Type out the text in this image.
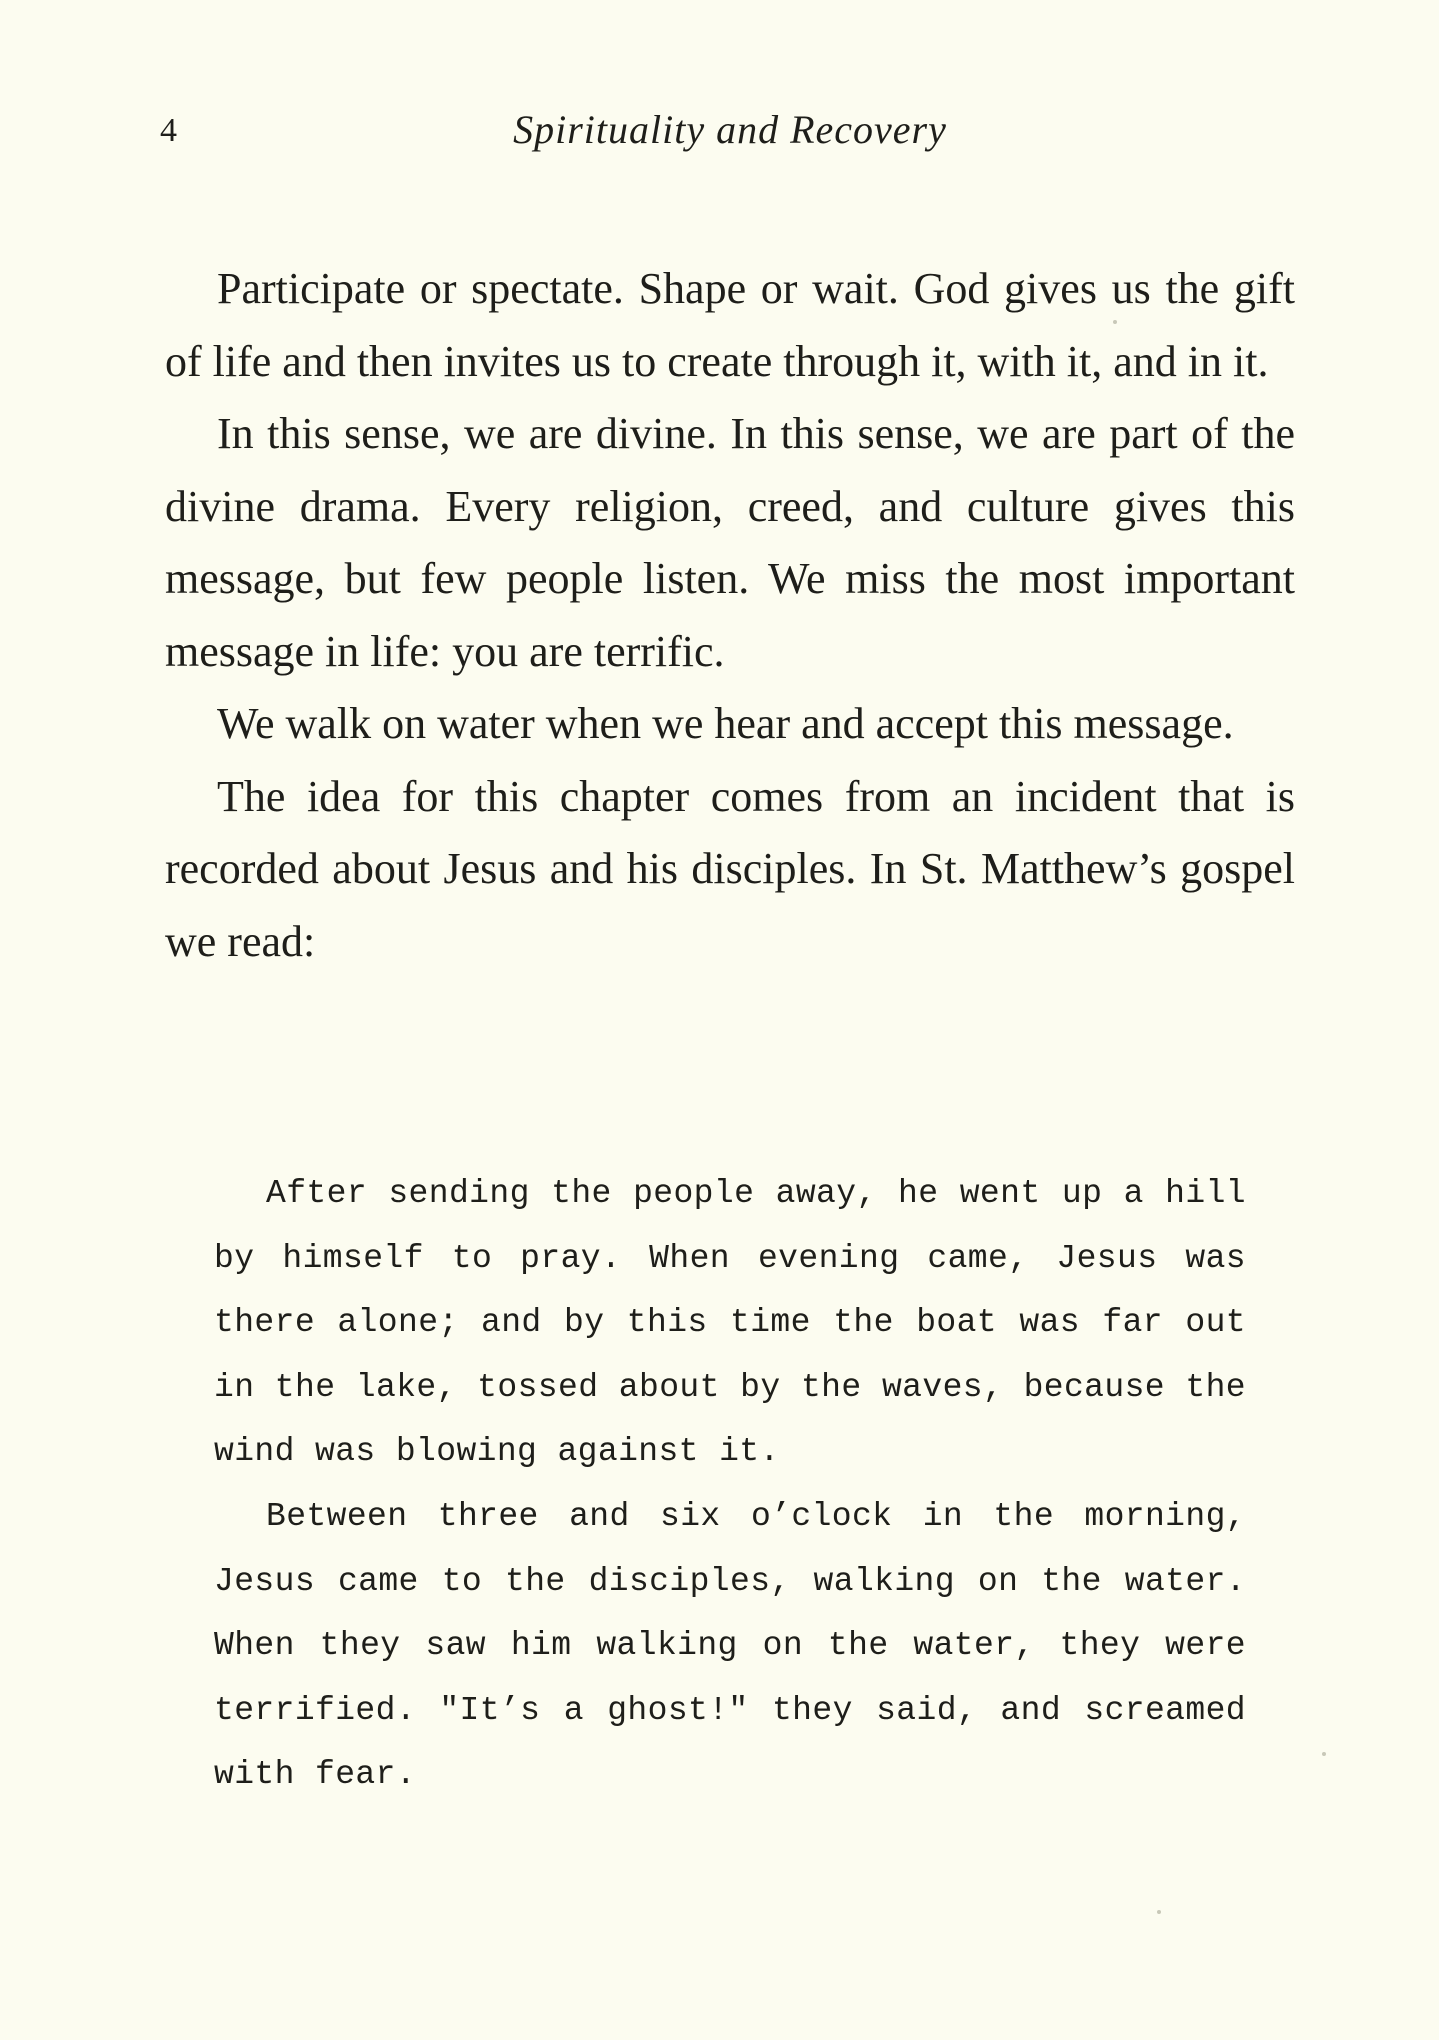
4	Spirituality and Recovery

Participate or spectate. Shape or wait. God gives us the gift of life and then invites us to create through it, with it, and in it.

In this sense, we are divine. In this sense, we are part of the divine drama. Every religion, creed, and culture gives this message, but few people listen. We miss the most important message in life: you are terrific.

We walk on water when we hear and accept this message.

The idea for this chapter comes from an incident that is recorded about Jesus and his disciples. In St. Matthew’s gospel we read:

After sending the people away, he went up a hill by himself to pray. When evening came, Jesus was there alone; and by this time the boat was far out in the lake, tossed about by the waves, because the wind was blowing against it.

Between three and six o’clock in the morning, Jesus came to the disciples, walking on the water. When they saw him walking on the water, they were terrified. "It’s a ghost!" they said, and screamed with fear.
